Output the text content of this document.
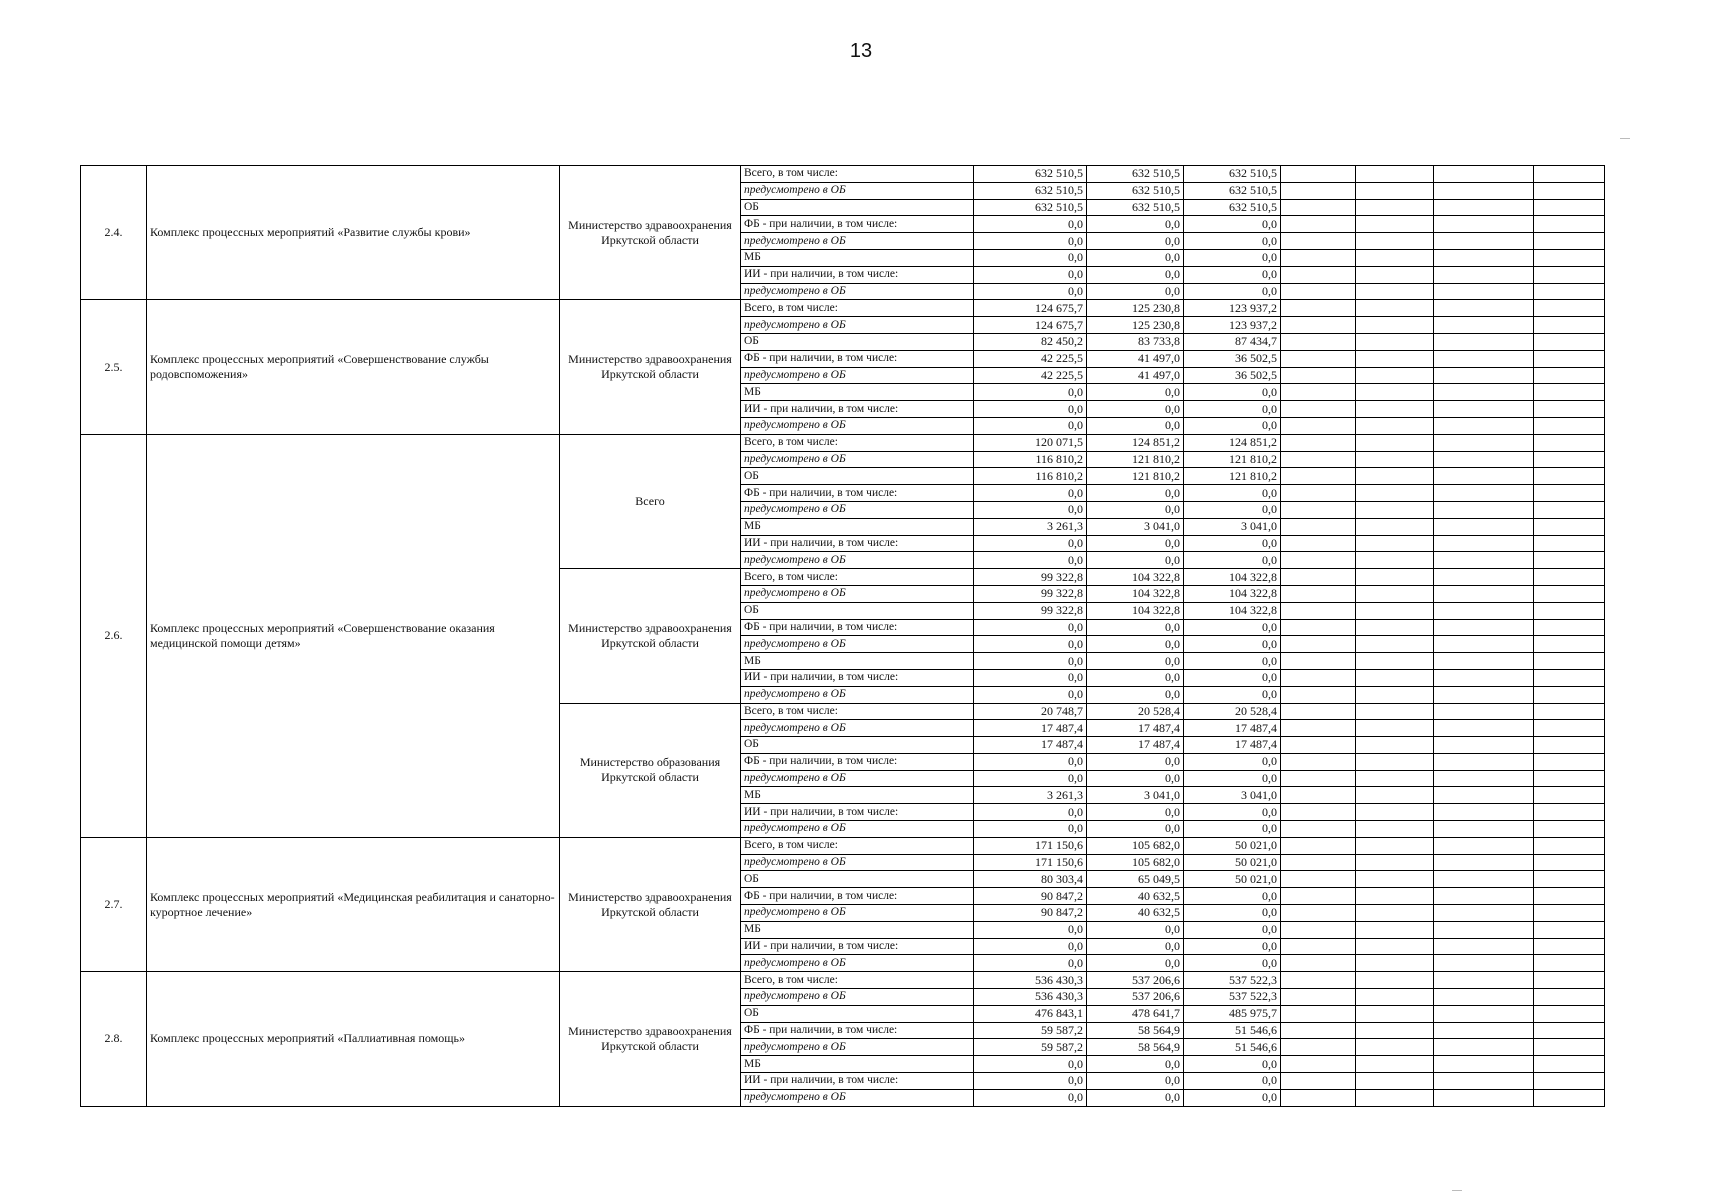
13
2.4.	Комплекс процессных мероприятий «Развитие службы крови»	Министерство здравоохранения Иркутской области	Всего, в том числе:	632 510,5	632 510,5	632 510,5				
			предусмотрено в ОБ	632 510,5	632 510,5	632 510,5				
			ОБ	632 510,5	632 510,5	632 510,5				
			ФБ - при наличии, в том числе:	0,0	0,0	0,0				
			предусмотрено в ОБ	0,0	0,0	0,0				
			МБ	0,0	0,0	0,0				
			ИИ - при наличии, в том числе:	0,0	0,0	0,0				
			предусмотрено в ОБ	0,0	0,0	0,0				
2.5.	Комплекс процессных мероприятий «Совершенствование службы родовспоможения»	Министерство здравоохранения Иркутской области	Всего, в том числе:	124 675,7	125 230,8	123 937,2				
			предусмотрено в ОБ	124 675,7	125 230,8	123 937,2				
			ОБ	82 450,2	83 733,8	87 434,7				
			ФБ - при наличии, в том числе:	42 225,5	41 497,0	36 502,5				
			предусмотрено в ОБ	42 225,5	41 497,0	36 502,5				
			МБ	0,0	0,0	0,0				
			ИИ - при наличии, в том числе:	0,0	0,0	0,0				
			предусмотрено в ОБ	0,0	0,0	0,0				
2.6.	Комплекс процессных мероприятий «Совершенствование оказания медицинской помощи детям»	Всего	Всего, в том числе:	120 071,5	124 851,2	124 851,2				
			предусмотрено в ОБ	116 810,2	121 810,2	121 810,2				
			ОБ	116 810,2	121 810,2	121 810,2				
			ФБ - при наличии, в том числе:	0,0	0,0	0,0				
			предусмотрено в ОБ	0,0	0,0	0,0				
			МБ	3 261,3	3 041,0	3 041,0				
			ИИ - при наличии, в том числе:	0,0	0,0	0,0				
			предусмотрено в ОБ	0,0	0,0	0,0				
		Министерство здравоохранения Иркутской области	Всего, в том числе:	99 322,8	104 322,8	104 322,8				
			предусмотрено в ОБ	99 322,8	104 322,8	104 322,8				
			ОБ	99 322,8	104 322,8	104 322,8				
			ФБ - при наличии, в том числе:	0,0	0,0	0,0				
			предусмотрено в ОБ	0,0	0,0	0,0				
			МБ	0,0	0,0	0,0				
			ИИ - при наличии, в том числе:	0,0	0,0	0,0				
			предусмотрено в ОБ	0,0	0,0	0,0				
		Министерство образования Иркутской области	Всего, в том числе:	20 748,7	20 528,4	20 528,4				
			предусмотрено в ОБ	17 487,4	17 487,4	17 487,4				
			ОБ	17 487,4	17 487,4	17 487,4				
			ФБ - при наличии, в том числе:	0,0	0,0	0,0				
			предусмотрено в ОБ	0,0	0,0	0,0				
			МБ	3 261,3	3 041,0	3 041,0				
			ИИ - при наличии, в том числе:	0,0	0,0	0,0				
			предусмотрено в ОБ	0,0	0,0	0,0				
2.7.	Комплекс процессных мероприятий «Медицинская реабилитация и санаторно-курортное лечение»	Министерство здравоохранения Иркутской области	Всего, в том числе:	171 150,6	105 682,0	50 021,0				
			предусмотрено в ОБ	171 150,6	105 682,0	50 021,0				
			ОБ	80 303,4	65 049,5	50 021,0				
			ФБ - при наличии, в том числе:	90 847,2	40 632,5	0,0				
			предусмотрено в ОБ	90 847,2	40 632,5	0,0				
			МБ	0,0	0,0	0,0				
			ИИ - при наличии, в том числе:	0,0	0,0	0,0				
			предусмотрено в ОБ	0,0	0,0	0,0				
2.8.	Комплекс процессных мероприятий «Паллиативная помощь»	Министерство здравоохранения Иркутской области	Всего, в том числе:	536 430,3	537 206,6	537 522,3				
			предусмотрено в ОБ	536 430,3	537 206,6	537 522,3				
			ОБ	476 843,1	478 641,7	485 975,7				
			ФБ - при наличии, в том числе:	59 587,2	58 564,9	51 546,6				
			предусмотрено в ОБ	59 587,2	58 564,9	51 546,6				
			МБ	0,0	0,0	0,0				
			ИИ - при наличии, в том числе:	0,0	0,0	0,0				
			предусмотрено в ОБ	0,0	0,0	0,0				
